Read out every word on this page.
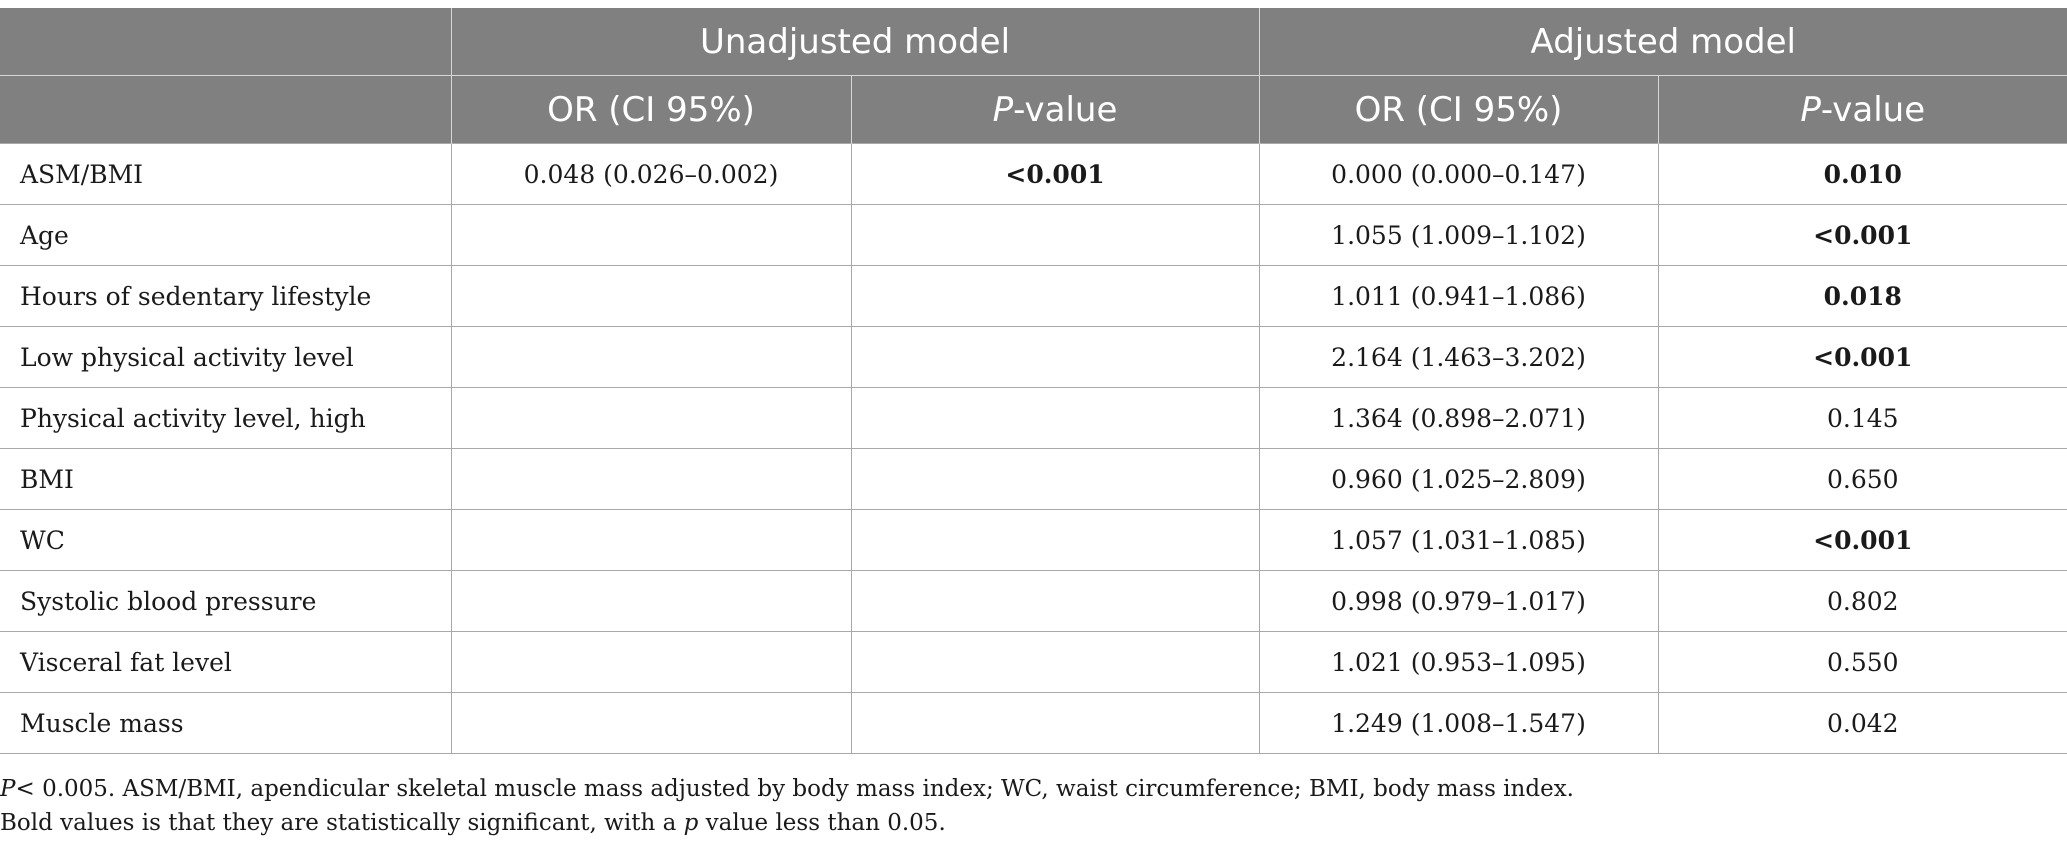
	Unadjusted model		Adjusted model	
	OR (CI 95%)	P-value	OR (CI 95%)	P-value
ASM/BMI	0.048 (0.026–0.002)	<0.001	0.000 (0.000–0.147)	0.010
Age			1.055 (1.009–1.102)	<0.001
Hours of sedentary lifestyle			1.011 (0.941–1.086)	0.018
Low physical activity level			2.164 (1.463–3.202)	<0.001
Physical activity level, high			1.364 (0.898–2.071)	0.145
BMI			0.960 (1.025–2.809)	0.650
WC			1.057 (1.031–1.085)	<0.001
Systolic blood pressure			0.998 (0.979–1.017)	0.802
Visceral fat level			1.021 (0.953–1.095)	0.550
Muscle mass			1.249 (1.008–1.547)	0.042

P< 0.005. ASM/BMI, apendicular skeletal muscle mass adjusted by body mass index; WC, waist circumference; BMI, body mass index.

Bold values is that they are statistically significant, with a p value less than 0.05.
